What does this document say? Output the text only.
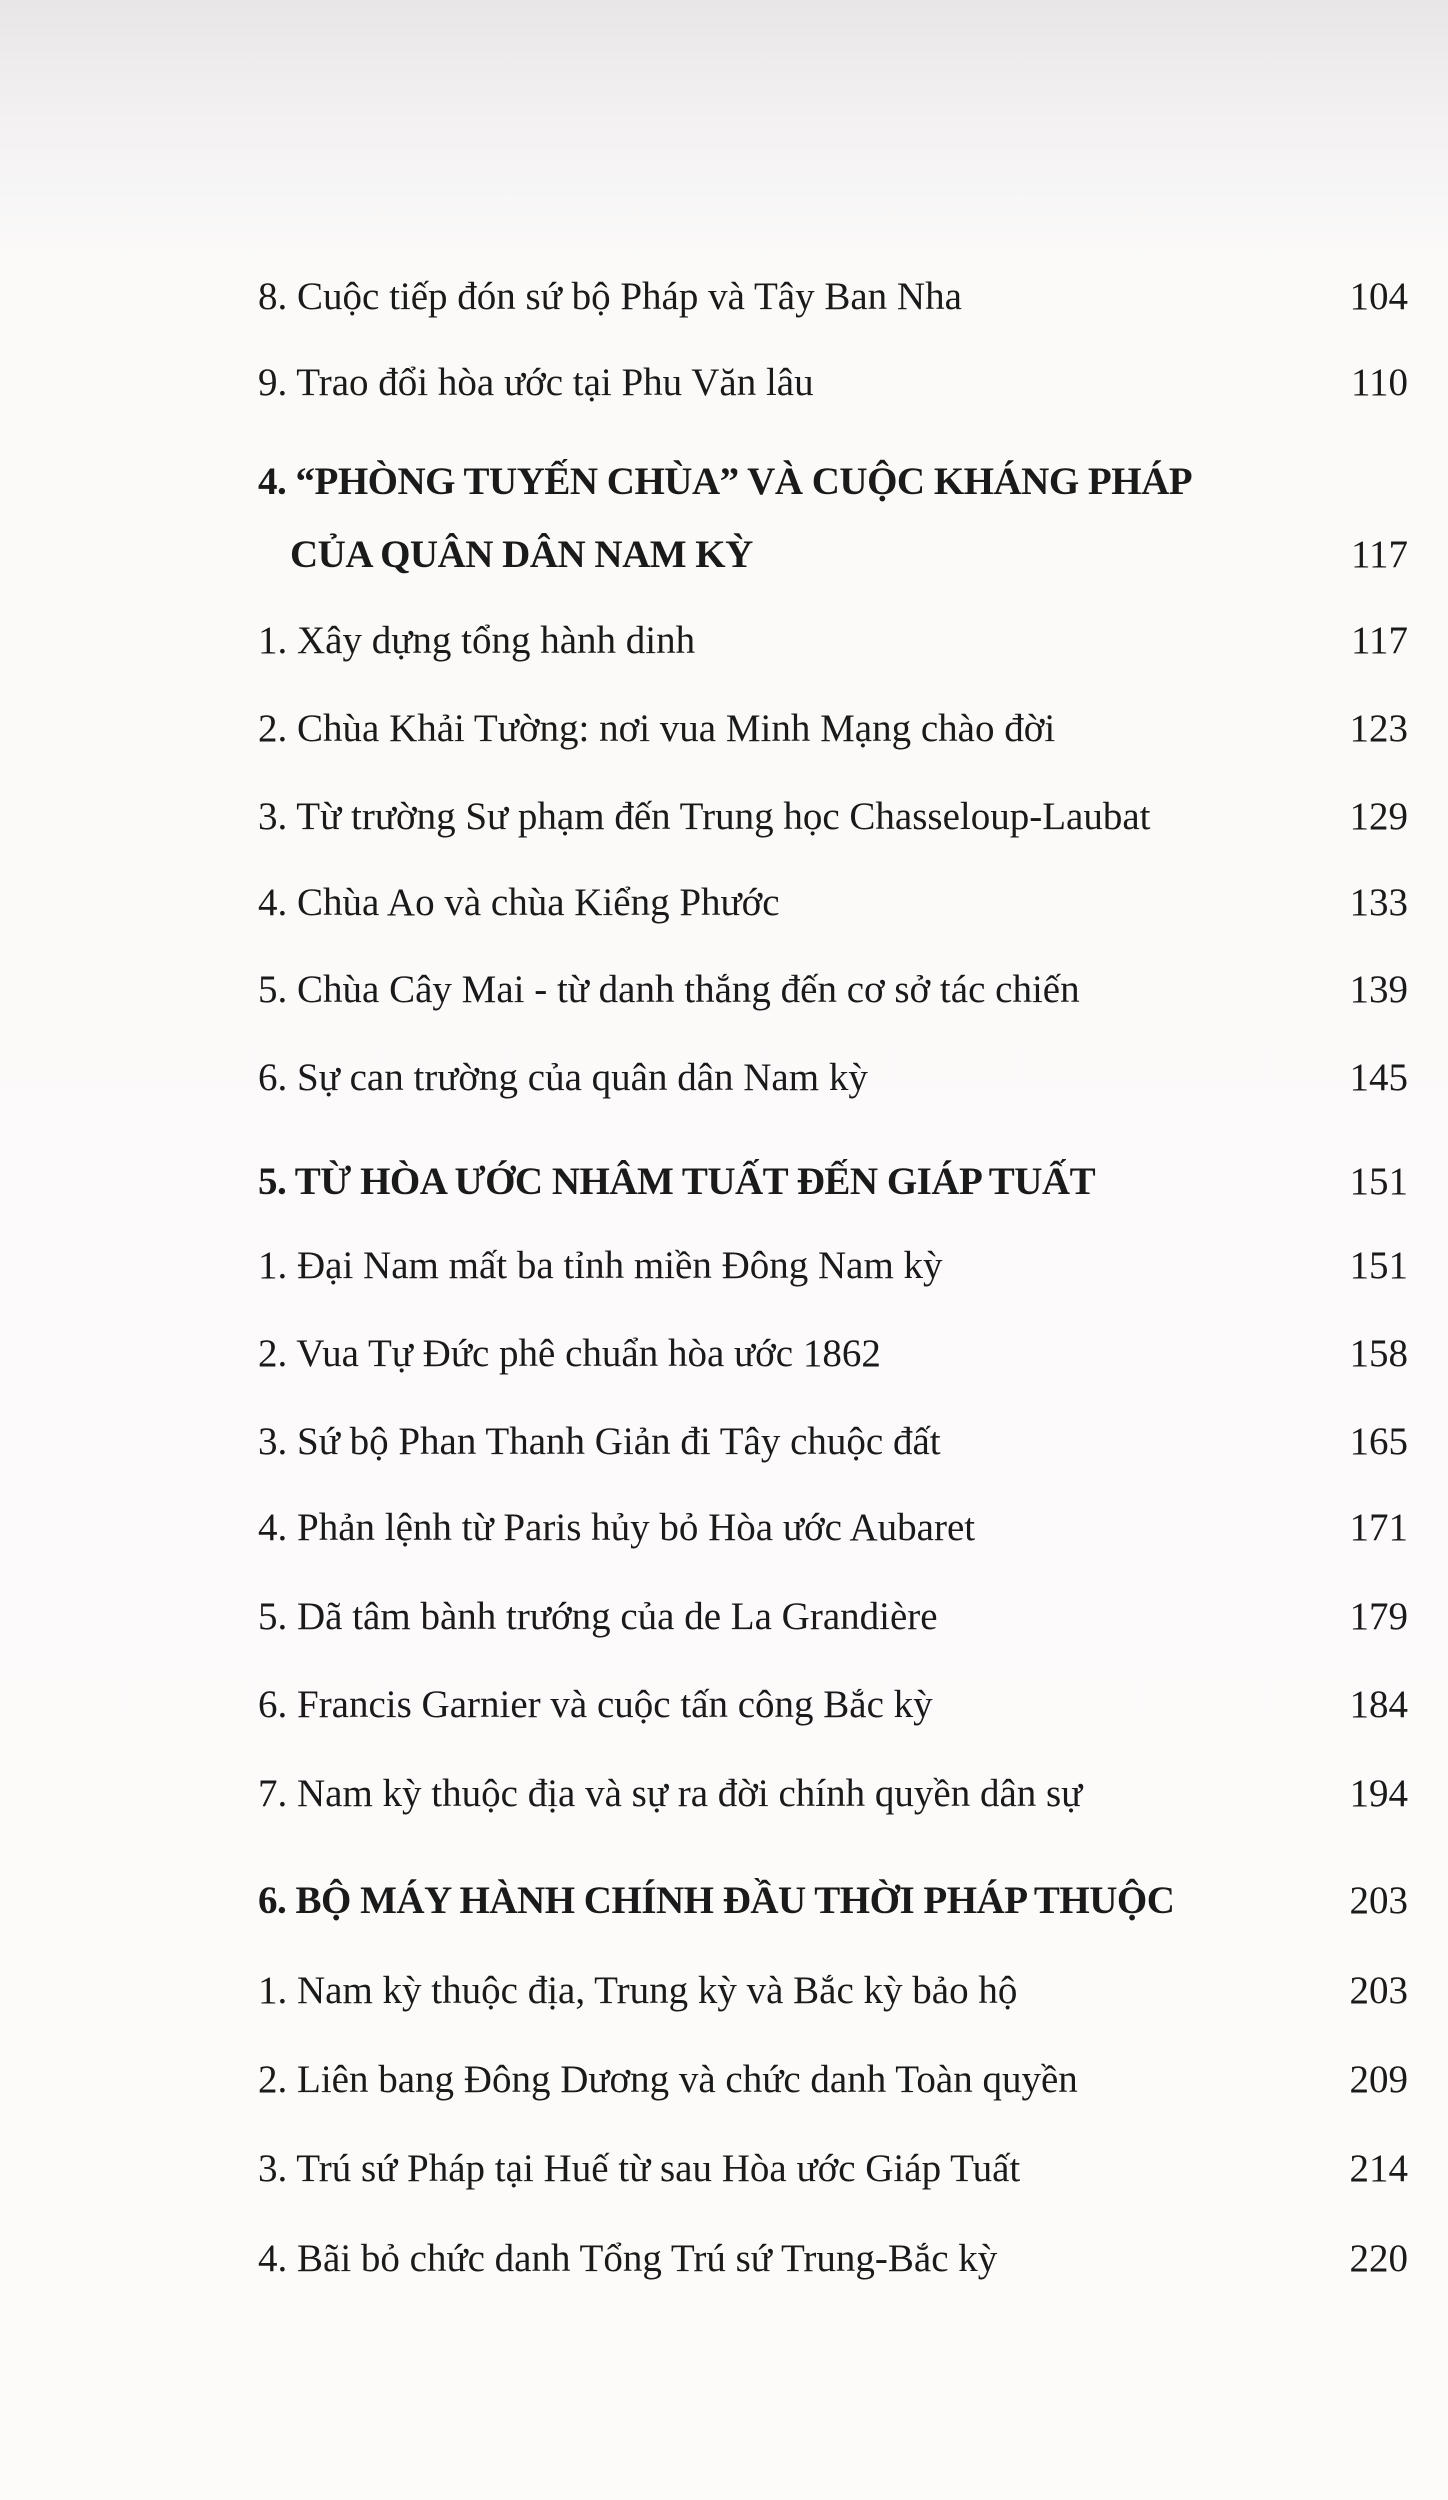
8. Cuộc tiếp đón sứ bộ Pháp và Tây Ban Nha	104
9. Trao đổi hòa ước tại Phu Văn lâu	110
4. “PHÒNG TUYẾN CHÙA” VÀ CUỘC KHÁNG PHÁP
CỦA QUÂN DÂN NAM KỲ	117
1. Xây dựng tổng hành dinh	117
2. Chùa Khải Tường: nơi vua Minh Mạng chào đời	123
3. Từ trường Sư phạm đến Trung học Chasseloup-Laubat	129
4. Chùa Ao và chùa Kiểng Phước	133
5. Chùa Cây Mai - từ danh thắng đến cơ sở tác chiến	139
6. Sự can trường của quân dân Nam kỳ	145
5. TỪ HÒA ƯỚC NHÂM TUẤT ĐẾN GIÁP TUẤT	151
1. Đại Nam mất ba tỉnh miền Đông Nam kỳ	151
2. Vua Tự Đức phê chuẩn hòa ước 1862	158
3. Sứ bộ Phan Thanh Giản đi Tây chuộc đất	165
4. Phản lệnh từ Paris hủy bỏ Hòa ước Aubaret	171
5. Dã tâm bành trướng của de La Grandière	179
6. Francis Garnier và cuộc tấn công Bắc kỳ	184
7. Nam kỳ thuộc địa và sự ra đời chính quyền dân sự	194
6. BỘ MÁY HÀNH CHÍNH ĐẦU THỜI PHÁP THUỘC	203
1. Nam kỳ thuộc địa, Trung kỳ và Bắc kỳ bảo hộ	203
2. Liên bang Đông Dương và chức danh Toàn quyền	209
3. Trú sứ Pháp tại Huế từ sau Hòa ước Giáp Tuất	214
4. Bãi bỏ chức danh Tổng Trú sứ Trung-Bắc kỳ	220
